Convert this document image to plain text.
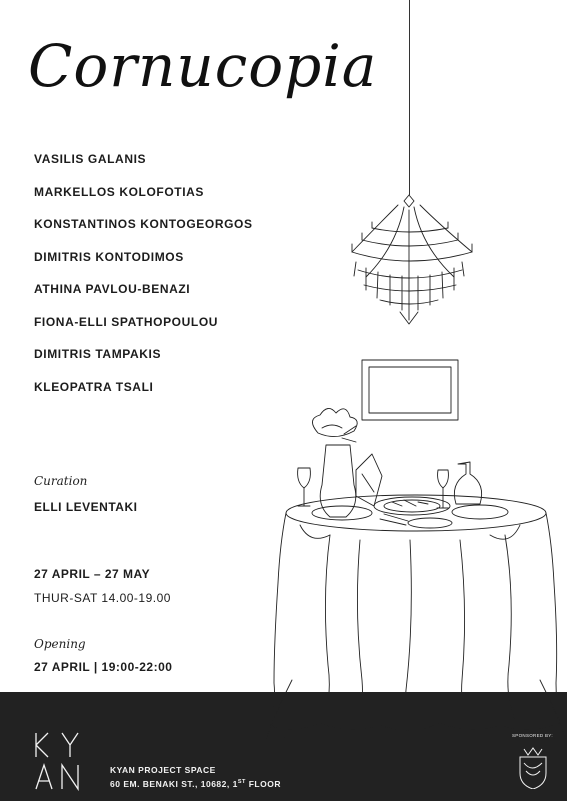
Cornucopia
VASILIS GALANIS
MARKELLOS KOLOFOTIAS
KONSTANTINOS KONTOGEORGOS
DIMITRIS KONTODIMOS
ATHINA PAVLOU-BENAZI
FIONA-ELLI SPATHOPOULOU
DIMITRIS TAMPAKIS
KLEOPATRA TSALI
Curation
ELLI LEVENTAKI
27 APRIL – 27 MAY
THUR-SAT 14.00-19.00
Opening
27 APRIL | 19:00-22:00
KYAN PROJECT SPACE
60 EM. BENAKI ST., 10682, 1ST FLOOR
SPONSORED BY:
